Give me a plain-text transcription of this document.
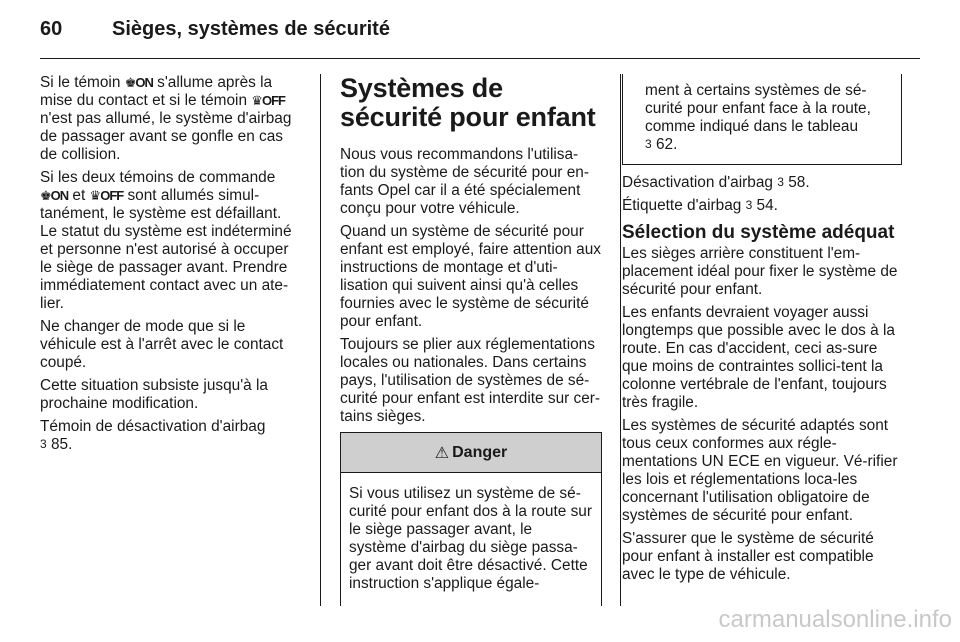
60 Sièges, systèmes de sécurité

Si le témoin ♚ON s'allume après la mise du contact et si le témoin ♛OFF n'est pas allumé, le système d'airbag de passager avant se gonfle en cas de collision.

Si les deux témoins de commande ♚ON et ♛OFF sont allumés simul-tanément, le système est défaillant. Le statut du système est indéterminé et personne n'est autorisé à occuper le siège de passager avant. Prendre immédiatement contact avec un ate-lier.

Ne changer de mode que si le véhicule est à l'arrêt avec le contact coupé.

Cette situation subsiste jusqu'à la prochaine modification.

Témoin de désactivation d'airbag
3 85.

Systèmes de sécurité pour enfant

Nous vous recommandons l'utilisa-tion du système de sécurité pour en-fants Opel car il a été spécialement conçu pour votre véhicule.

Quand un système de sécurité pour enfant est employé, faire attention aux instructions de montage et d'uti-lisation qui suivent ainsi qu'à celles fournies avec le système de sécurité pour enfant.

Toujours se plier aux réglementations locales ou nationales. Dans certains pays, l'utilisation de systèmes de sé-curité pour enfant est interdite sur cer-tains sièges.

⚠ Danger
Si vous utilisez un système de sé-curité pour enfant dos à la route sur le siège passager avant, le système d'airbag du siège passa-ger avant doit être désactivé. Cette instruction s'applique égale-
ment à certains systèmes de sé-curité pour enfant face à la route, comme indiqué dans le tableau
3 62.

Désactivation d'airbag 3 58.

Étiquette d'airbag 3 54.

Sélection du système adéquat

Les sièges arrière constituent l'em-placement idéal pour fixer le système de sécurité pour enfant.

Les enfants devraient voyager aussi longtemps que possible avec le dos à la route. En cas d'accident, ceci as-sure que moins de contraintes sollici-tent la colonne vertébrale de l'enfant, toujours très fragile.

Les systèmes de sécurité adaptés sont tous ceux conformes aux régle-mentations UN ECE en vigueur. Vé-rifier les lois et réglementations loca-les concernant l'utilisation obligatoire de systèmes de sécurité pour enfant.

S'assurer que le système de sécurité pour enfant à installer est compatible avec le type de véhicule.

carmanualsonline.info
